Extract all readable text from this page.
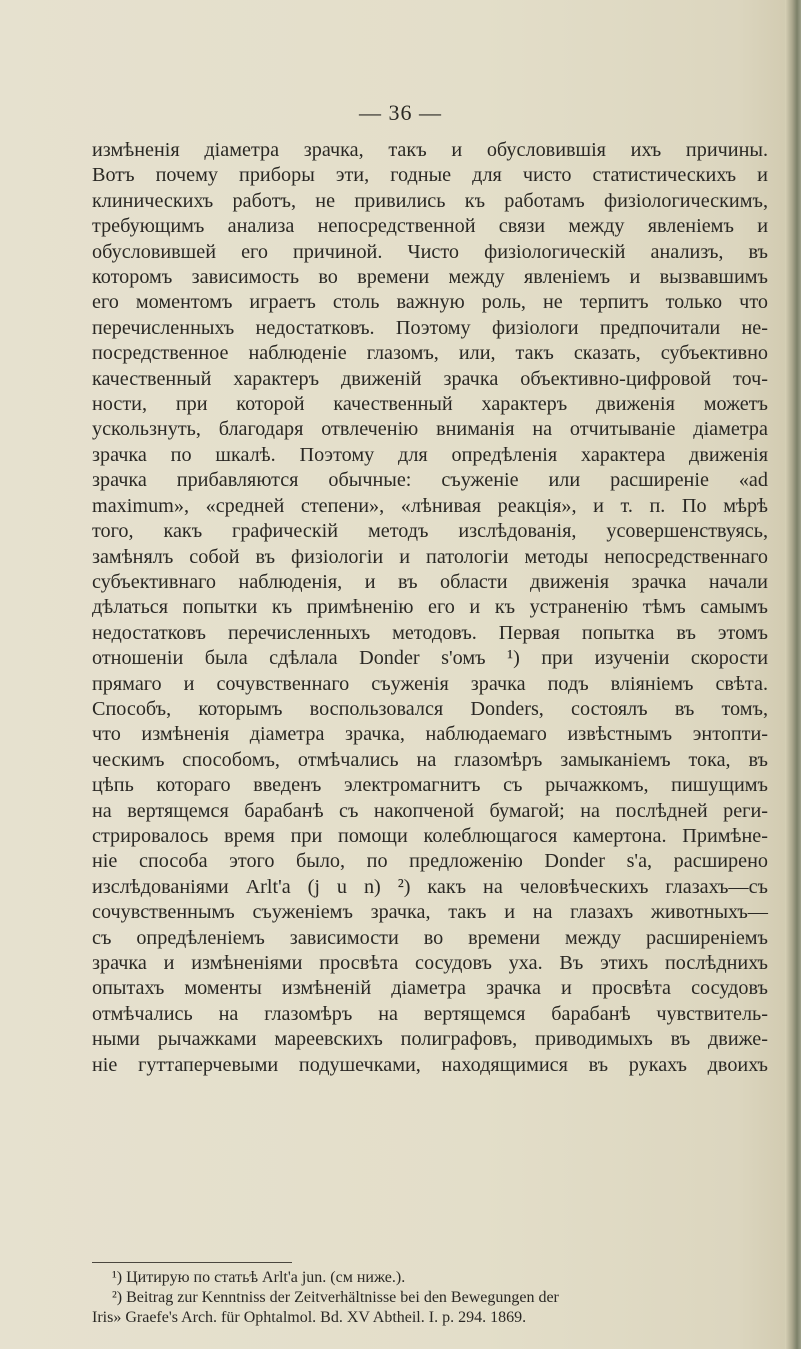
— 36 —
измѣненія діаметра зрачка, такъ и обусловившія ихъ причины.
Вотъ почему приборы эти, годные для чисто статистическихъ и
клиническихъ работъ, не привились къ работамъ физіологическимъ,
требующимъ анализа непосредственной связи между явленіемъ и
обусловившей его причиной. Чисто физіологическій анализъ, въ
которомъ зависимость во времени между явленіемъ и вызвавшимъ
его моментомъ играетъ столь важную роль, не терпитъ только что
перечисленныхъ недостатковъ. Поэтому физіологи предпочитали не-
посредственное наблюденіе глазомъ, или, такъ сказать, субъективно
качественный характеръ движеній зрачка объективно-цифровой точ-
ности, при которой качественный характеръ движенія можетъ
ускользнуть, благодаря отвлеченію вниманія на отчитываніе діаметра
зрачка по шкалѣ. Поэтому для опредѣленія характера движенія
зрачка прибавляются обычные: съуженіе или расширеніе «ad
maximum», «средней степени», «лѣнивая реакція», и т. п. По мѣрѣ
того, какъ графическій методъ изслѣдованія, усовершенствуясь,
замѣнялъ собой въ физіологіи и патологіи методы непосредственнаго
субъективнаго наблюденія, и въ области движенія зрачка начали
дѣлаться попытки къ примѣненію его и къ устраненію тѣмъ самымъ
недостатковъ перечисленныхъ методовъ. Первая попытка въ этомъ
отношеніи была сдѣлала Donder s'омъ ¹) при изученіи скорости
прямаго и сочувственнаго съуженія зрачка подъ вліяніемъ свѣта.
Способъ, которымъ воспользовался Donders, состоялъ въ томъ,
что измѣненія діаметра зрачка, наблюдаемаго извѣстнымъ энтопти-
ческимъ способомъ, отмѣчались на глазомѣръ замыканіемъ тока, въ
цѣпь котораго введенъ электромагнитъ съ рычажкомъ, пишущимъ
на вертящемся барабанѣ съ накопченой бумагой; на послѣдней реги-
стрировалось время при помощи колеблющагося камертона. Примѣне-
ніе способа этого было, по предложенію Donder s'a, расширено
изслѣдованіями Arlt'a (j u n) ²) какъ на человѣческихъ глазахъ—съ
сочувственнымъ съуженіемъ зрачка, такъ и на глазахъ животныхъ—
съ опредѣленіемъ зависимости во времени между расширеніемъ
зрачка и измѣненіями просвѣта сосудовъ уха. Въ этихъ послѣднихъ
опытахъ моменты измѣненій діаметра зрачка и просвѣта сосудовъ
отмѣчались на глазомѣръ на вертящемся барабанѣ чувствитель-
ными рычажками мареевскихъ полиграфовъ, приводимыхъ въ движе-
ніе гуттаперчевыми подушечками, находящимися въ рукахъ двоихъ
¹) Цитирую по статьѣ Arlt'a jun. (см ниже.).
²) Beitrag zur Kenntniss der Zeitverhältnisse bei den Bewegungen der
Iris» Graefe's Arch. für Ophtalmol. Bd. XV Abtheil. I. p. 294. 1869.
